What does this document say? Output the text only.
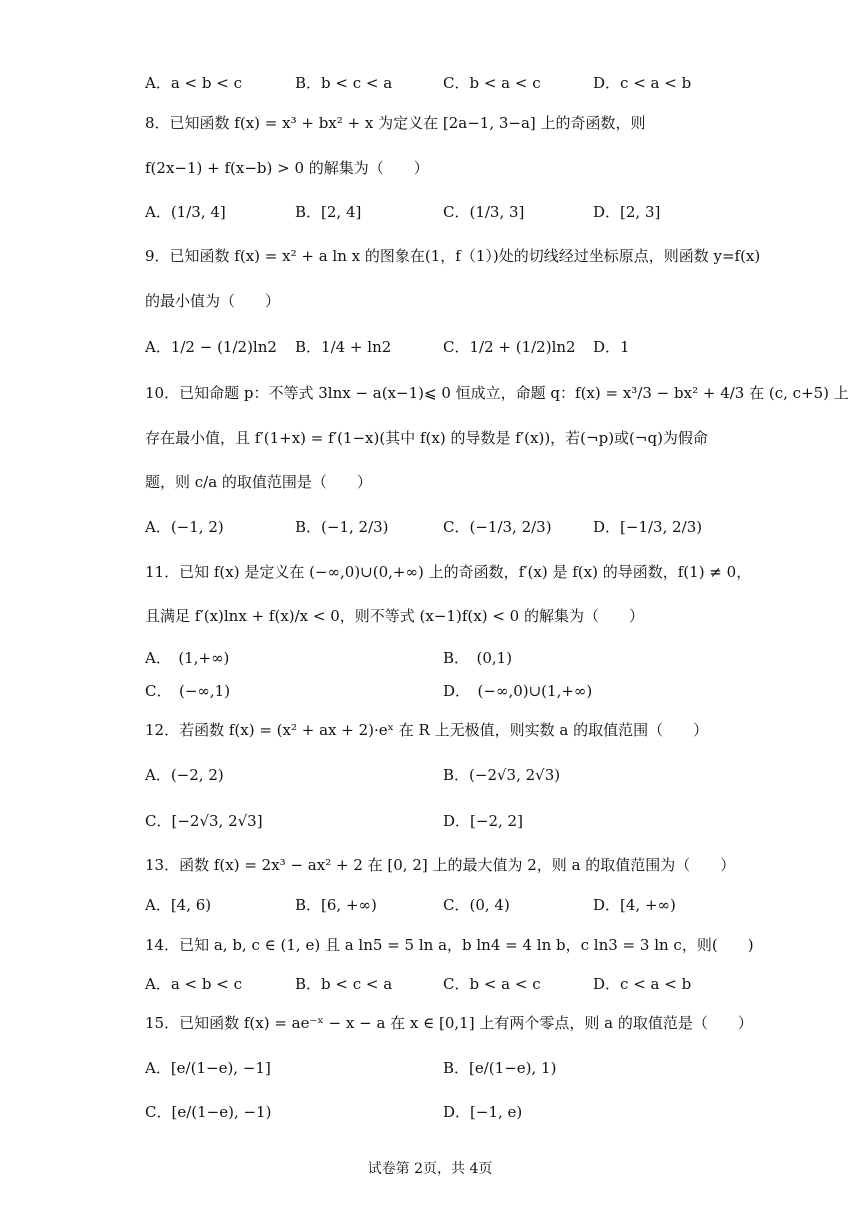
A．a < b < c	B．b < c < a	C．b < a < c	D．c < a < b
8．已知函数 f(x) = x³ + bx² + x 为定义在 [2a−1, 3−a] 上的奇函数，则
f(2x−1) + f(x−b) > 0 的解集为（　　）
A．(1/3, 4]	B．[2, 4]	C．(1/3, 3]	D．[2, 3]
9．已知函数 f(x) = x² + a ln x 的图象在(1，f（1）)处的切线经过坐标原点，则函数 y=f(x)
的最小值为（　　）
A．1/2 − (1/2)ln2 B．1/4 + ln2	C．1/2 + (1/2)ln2 D．1
10．已知命题 p：不等式 3lnx − a(x−1)⩽ 0 恒成立，命题 q：f(x) = x³/3 − bx² + 4/3 在 (c, c+5) 上
存在最小值，且 f′(1+x) = f′(1−x)(其中 f(x) 的导数是 f′(x))，若(¬p)或(¬q)为假命
题，则 c/a 的取值范围是（　　）
A．(−1, 2)	B．(−1, 2/3)	C．(−1/3, 2/3)	D．[−1/3, 2/3)
11．已知 f(x) 是定义在 (−∞,0)∪(0,+∞) 上的奇函数，f′(x) 是 f(x) 的导函数，f(1) ≠ 0，
且满足 f′(x)lnx + f(x)/x < 0，则不等式 (x−1)f(x) < 0 的解集为（　　）
A．　(1,+∞)	B．　(0,1)
C．　(−∞,1)	D．　(−∞,0)∪(1,+∞)
12．若函数 f(x) = (x² + ax + 2)·eˣ 在 R 上无极值，则实数 a 的取值范围（　　）
A．(−2, 2)	B．(−2√3, 2√3)
C．[−2√3, 2√3]	D．[−2, 2]
13．函数 f(x) = 2x³ − ax² + 2 在 [0, 2] 上的最大值为 2，则 a 的取值范围为（　　）
A．[4, 6)	B．[6, +∞)	C．(0, 4)	D．[4, +∞)
14．已知 a, b, c ∈ (1, e) 且 a ln5 = 5 ln a，b ln4 = 4 ln b，c ln3 = 3 ln c，则(　　)
A．a < b < c	B．b < c < a	C．b < a < c	D．c < a < b
15．已知函数 f(x) = ae⁻ˣ − x − a 在 x ∈ [0,1] 上有两个零点，则 a 的取值范是（　　）
A．[e/(1−e), −1]	B．[e/(1−e), 1)
C．[e/(1−e), −1)	D．[−1, e)
试卷第 2页，共 4页
